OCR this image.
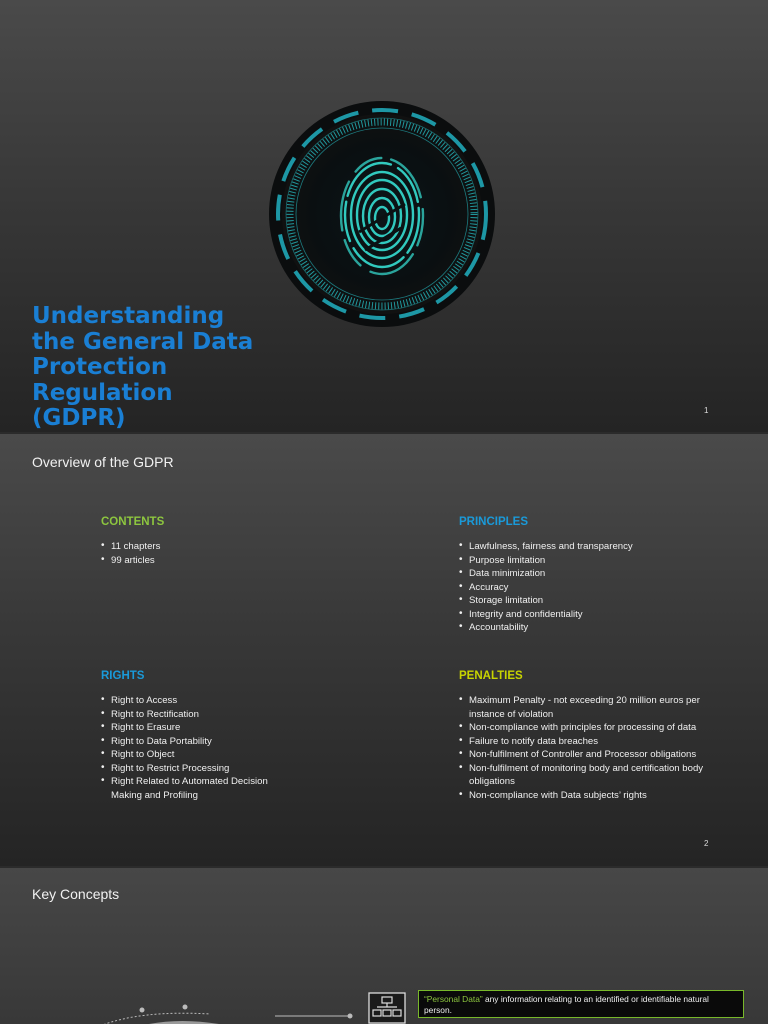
Understanding
the General Data
Protection
Regulation
(GDPR)	1
Overview of the GDPR
CONTENTS
• 11 chapters
• 99 articles
PRINCIPLES
• Lawfulness, fairness and transparency
• Purpose limitation
• Data minimization
• Accuracy
• Storage limitation
• Integrity and confidentiality
• Accountability
RIGHTS
• Right to Access
• Right to Rectification
• Right to Erasure
• Right to Data Portability
• Right to Object
• Right to Restrict Processing
• Right Related to Automated Decision Making and Profiling
PENALTIES
• Maximum Penalty - not exceeding 20 million euros per instance of violation
• Non-compliance with principles for processing of data
• Failure to notify data breaches
• Non-fulfilment of Controller and Processor obligations
• Non-fulfilment of monitoring body and certification body obligations
• Non-compliance with Data subjects’ rights
2
Key Concepts
“Personal Data” any information relating to an identified or identifiable natural person.
